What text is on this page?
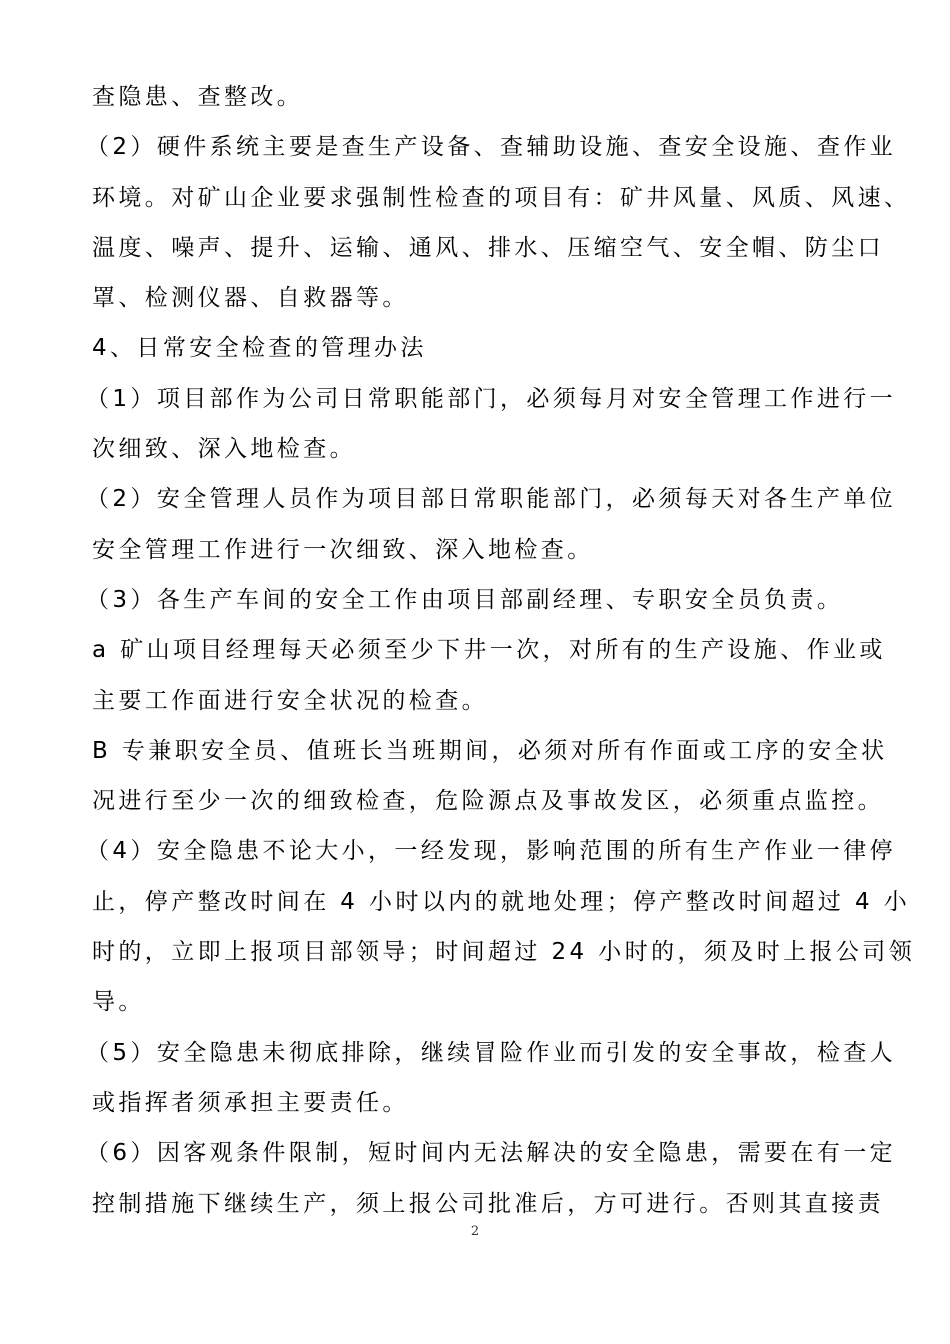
查隐患、查整改。
（2）硬件系统主要是查生产设备、查辅助设施、查安全设施、查作业
环境。对矿山企业要求强制性检查的项目有：矿井风量、风质、风速、
温度、噪声、提升、运输、通风、排水、压缩空气、安全帽、防尘口
罩、检测仪器、自救器等。
4、日常安全检查的管理办法
（1）项目部作为公司日常职能部门，必须每月对安全管理工作进行一
次细致、深入地检查。
（2）安全管理人员作为项目部日常职能部门，必须每天对各生产单位
安全管理工作进行一次细致、深入地检查。
（3）各生产车间的安全工作由项目部副经理、专职安全员负责。
a 矿山项目经理每天必须至少下井一次，对所有的生产设施、作业或
主要工作面进行安全状况的检查。
B 专兼职安全员、值班长当班期间，必须对所有作面或工序的安全状
况进行至少一次的细致检查，危险源点及事故发区，必须重点监控。
（4）安全隐患不论大小，一经发现，影响范围的所有生产作业一律停
止，停产整改时间在 4 小时以内的就地处理；停产整改时间超过 4 小
时的，立即上报项目部领导；时间超过 24 小时的，须及时上报公司领
导。
（5）安全隐患未彻底排除，继续冒险作业而引发的安全事故，检查人
或指挥者须承担主要责任。
（6）因客观条件限制，短时间内无法解决的安全隐患，需要在有一定
控制措施下继续生产，须上报公司批准后，方可进行。否则其直接责
2
